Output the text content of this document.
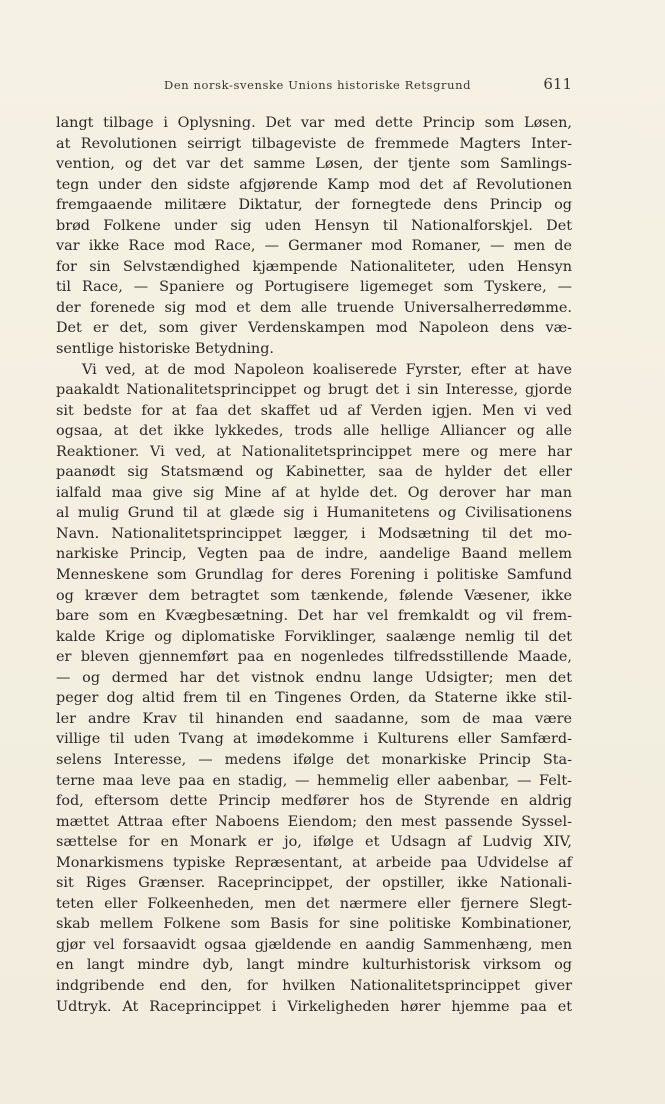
Den norsk-svenske Unions historiske Retsgrund	611
langt tilbage i Oplysning. Det var med dette Princip som Løsen,
at Revolutionen seirrigt tilbageviste de fremmede Magters Inter-
vention, og det var det samme Løsen, der tjente som Samlings-
tegn under den sidste afgjørende Kamp mod det af Revolutionen
fremgaaende militære Diktatur, der fornegtede dens Princip og
brød Folkene under sig uden Hensyn til Nationalforskjel. Det
var ikke Race mod Race, — Germaner mod Romaner, — men de
for sin Selvstændighed kjæmpende Nationaliteter, uden Hensyn
til Race, — Spaniere og Portugisere ligemeget som Tyskere, —
der forenede sig mod et dem alle truende Universalherredømme.
Det er det, som giver Verdenskampen mod Napoleon dens væ-
sentlige historiske Betydning.
Vi ved, at de mod Napoleon koaliserede Fyrster, efter at have
paakaldt Nationalitetsprincippet og brugt det i sin Interesse, gjorde
sit bedste for at faa det skaffet ud af Verden igjen. Men vi ved
ogsaa, at det ikke lykkedes, trods alle hellige Alliancer og alle
Reaktioner. Vi ved, at Nationalitetsprincippet mere og mere har
paanødt sig Statsmænd og Kabinetter, saa de hylder det eller
ialfald maa give sig Mine af at hylde det. Og derover har man
al mulig Grund til at glæde sig i Humanitetens og Civilisationens
Navn. Nationalitetsprincippet lægger, i Modsætning til det mo-
narkiske Princip, Vegten paa de indre, aandelige Baand mellem
Menneskene som Grundlag for deres Forening i politiske Samfund
og kræver dem betragtet som tænkende, følende Væsener, ikke
bare som en Kvægbesætning. Det har vel fremkaldt og vil frem-
kalde Krige og diplomatiske Forviklinger, saalænge nemlig til det
er bleven gjennemført paa en nogenledes tilfredsstillende Maade,
— og dermed har det vistnok endnu lange Udsigter; men det
peger dog altid frem til en Tingenes Orden, da Staterne ikke stil-
ler andre Krav til hinanden end saadanne, som de maa være
villige til uden Tvang at imødekomme i Kulturens eller Samfærd-
selens Interesse, — medens ifølge det monarkiske Princip Sta-
terne maa leve paa en stadig, — hemmelig eller aabenbar, — Felt-
fod, eftersom dette Princip medfører hos de Styrende en aldrig
mættet Attraa efter Naboens Eiendom; den mest passende Syssel-
sættelse for en Monark er jo, ifølge et Udsagn af Ludvig XIV,
Monarkismens typiske Repræsentant, at arbeide paa Udvidelse af
sit Riges Grænser. Raceprincippet, der opstiller, ikke Nationali-
teten eller Folkeenheden, men det nærmere eller fjernere Slegt-
skab mellem Folkene som Basis for sine politiske Kombinationer,
gjør vel forsaavidt ogsaa gjældende en aandig Sammenhæng, men
en langt mindre dyb, langt mindre kulturhistorisk virksom og
indgribende end den, for hvilken Nationalitetsprincippet giver
Udtryk. At Raceprincippet i Virkeligheden hører hjemme paa et
